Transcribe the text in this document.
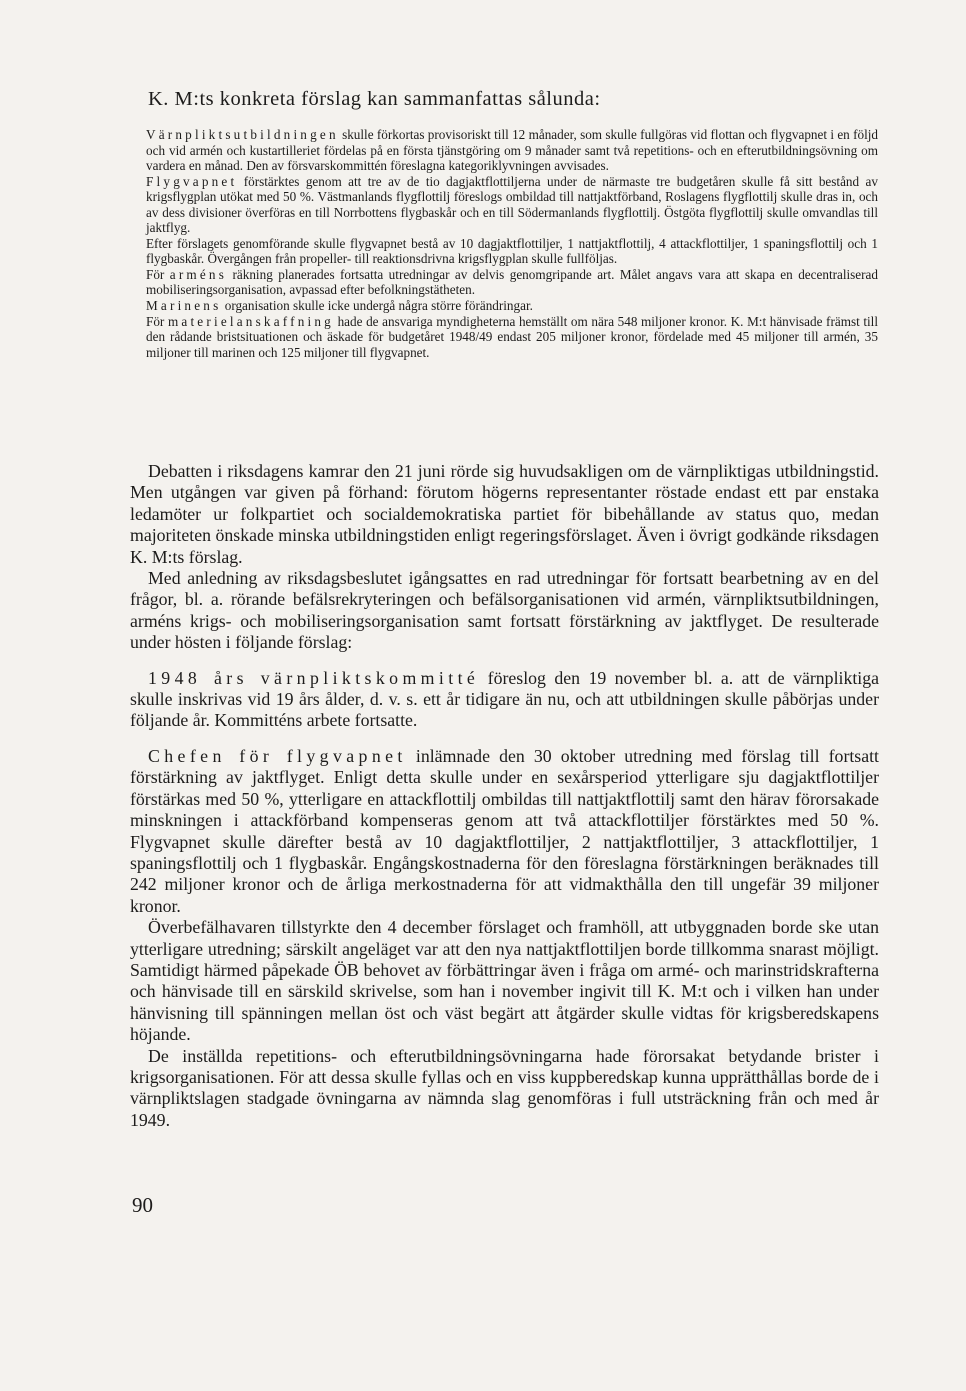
K. M:ts konkreta förslag kan sammanfattas sålunda:

Värnpliktsutbildningen skulle förkortas provisoriskt till 12 månader, som skulle fullgöras vid flottan och flygvapnet i en följd och vid armén och kustartilleriet fördelas på en första tjänstgöring om 9 månader samt två repetitions- och en efterutbildningsövning om vardera en månad. Den av försvarskommittén föreslagna kategoriklyvningen avvisades.

Flygvapnet förstärktes genom att tre av de tio dagjaktflottiljerna under de närmaste tre budgetåren skulle få sitt bestånd av krigsflygplan utökat med 50 %. Västmanlands flygflottilj föreslogs ombildad till nattjaktförband, Roslagens flygflottilj skulle dras in, och av dess divisioner överföras en till Norrbottens flygbaskår och en till Södermanlands flygflottilj. Östgöta flygflottilj skulle omvandlas till jaktflyg.

Efter förslagets genomförande skulle flygvapnet bestå av 10 dagjaktflottiljer, 1 nattjaktflottilj, 4 attackflottiljer, 1 spaningsflottilj och 1 flygbaskår. Övergången från propeller- till reaktionsdrivna krigsflygplan skulle fullföljas.

För arméns räkning planerades fortsatta utredningar av delvis genomgripande art. Målet angavs vara att skapa en decentraliserad mobiliseringsorganisation, avpassad efter befolkningstätheten.

Marinens organisation skulle icke undergå några större förändringar.

För materielanskaffning hade de ansvariga myndigheterna hemställt om nära 548 miljoner kronor. K. M:t hänvisade främst till den rådande bristsituationen och äskade för budgetåret 1948/49 endast 205 miljoner kronor, fördelade med 45 miljoner till armén, 35 miljoner till marinen och 125 miljoner till flygvapnet.

Debatten i riksdagens kamrar den 21 juni rörde sig huvudsakligen om de värnpliktigas utbildningstid. Men utgången var given på förhand: förutom högerns representanter röstade endast ett par enstaka ledamöter ur folkpartiet och socialdemokratiska partiet för bibehållande av status quo, medan majoriteten önskade minska utbildningstiden enligt regeringsförslaget. Även i övrigt godkände riksdagen K. M:ts förslag.

Med anledning av riksdagsbeslutet igångsattes en rad utredningar för fortsatt bearbetning av en del frågor, bl. a. rörande befälsrekryteringen och befälsorganisationen vid armén, värnpliktsutbildningen, arméns krigs- och mobiliseringsorganisation samt fortsatt förstärkning av jaktflyget. De resulterade under hösten i följande förslag:

1948 års värnpliktskommitté föreslog den 19 november bl. a. att de värnpliktiga skulle inskrivas vid 19 års ålder, d. v. s. ett år tidigare än nu, och att utbildningen skulle påbörjas under följande år. Kommitténs arbete fortsatte.

Chefen för flygvapnet inlämnade den 30 oktober utredning med förslag till fortsatt förstärkning av jaktflyget. Enligt detta skulle under en sexårsperiod ytterligare sju dagjaktflottiljer förstärkas med 50 %, ytterligare en attackflottilj ombildas till nattjaktflottilj samt den härav förorsakade minskningen i attackförband kompenseras genom att två attackflottiljer förstärktes med 50 %. Flygvapnet skulle därefter bestå av 10 dagjaktflottiljer, 2 nattjaktflottiljer, 3 attackflottiljer, 1 spaningsflottilj och 1 flygbaskår. Engångskostnaderna för den föreslagna förstärkningen beräknades till 242 miljoner kronor och de årliga merkostnaderna för att vidmakthålla den till ungefär 39 miljoner kronor.

Överbefälhavaren tillstyrkte den 4 december förslaget och framhöll, att utbyggnaden borde ske utan ytterligare utredning; särskilt angeläget var att den nya nattjaktflottiljen borde tillkomma snarast möjligt. Samtidigt härmed påpekade ÖB behovet av förbättringar även i fråga om armé- och marinstridskrafterna och hänvisade till en särskild skrivelse, som han i november ingivit till K. M:t och i vilken han under hänvisning till spänningen mellan öst och väst begärt att åtgärder skulle vidtas för krigsberedskapens höjande.

De inställda repetitions- och efterutbildningsövningarna hade förorsakat betydande brister i krigsorganisationen. För att dessa skulle fyllas och en viss kuppberedskap kunna upprätthållas borde de i värnpliktslagen stadgade övningarna av nämnda slag genomföras i full utsträckning från och med år 1949.

90
